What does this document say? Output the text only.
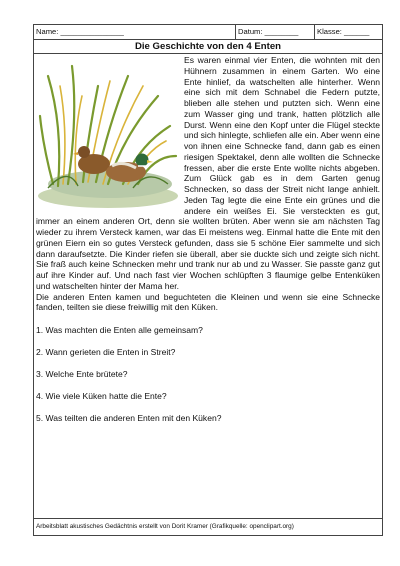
Name: _______________	Datum: ________	Klasse: ______
Die Geschichte von den 4 Enten

Es waren einmal vier Enten, die wohnten mit den Hühnern zusammen in einem Garten. Wo eine Ente hinlief, da watschelten alle hinterher. Wenn eine sich mit dem Schnabel die Federn putzte, blieben alle stehen und putzten sich. Wenn eine zum Wasser ging und trank, hatten plötzlich alle Durst. Wenn eine den Kopf unter die Flügel steckte und sich hinlegte, schliefen alle ein. Aber wenn eine von ihnen eine Schnecke fand, dann gab es einen riesigen Spektakel, denn alle wollten die Schnecke fressen, aber die erste Ente wollte nichts abgeben. Zum Glück gab es in dem Garten genug Schnecken, so dass der Streit nicht lange anhielt. Jeden Tag legte die eine Ente ein grünes und die andere ein weißes Ei. Sie versteckten es gut, immer an einem anderen Ort, denn sie wollten brüten. Aber wenn sie am nächsten Tag wieder zu ihrem Versteck kamen, war das Ei meistens weg. Einmal hatte die Ente mit den grünen Eiern ein so gutes Versteck gefunden, dass sie 5 schöne Eier sammelte und sich dann daraufsetzte. Die Kinder riefen sie überall, aber sie duckte sich und zeigte sich nicht. Sie fraß auch keine Schnecken mehr und trank nur ab und zu Wasser. Sie passte ganz gut auf ihre Kinder auf. Und nach fast vier Wochen schlüpften 3 flaumige gelbe Entenküken und watschelten hinter der Mama her.

Die anderen Enten kamen und beguchteten die Kleinen und wenn sie eine Schnecke fanden, teilten sie diese freiwillig mit den Küken.

1. Was machten die Enten alle gemeinsam?
2. Wann gerieten die Enten in Streit?
3. Welche Ente brütete?
4. Wie viele Küken hatte die Ente?
5. Was teilten die anderen Enten mit den Küken?
Arbeitsblatt akustisches Gedächtnis erstellt von Dorit Kramer (Grafikquelle: openclipart.org)
